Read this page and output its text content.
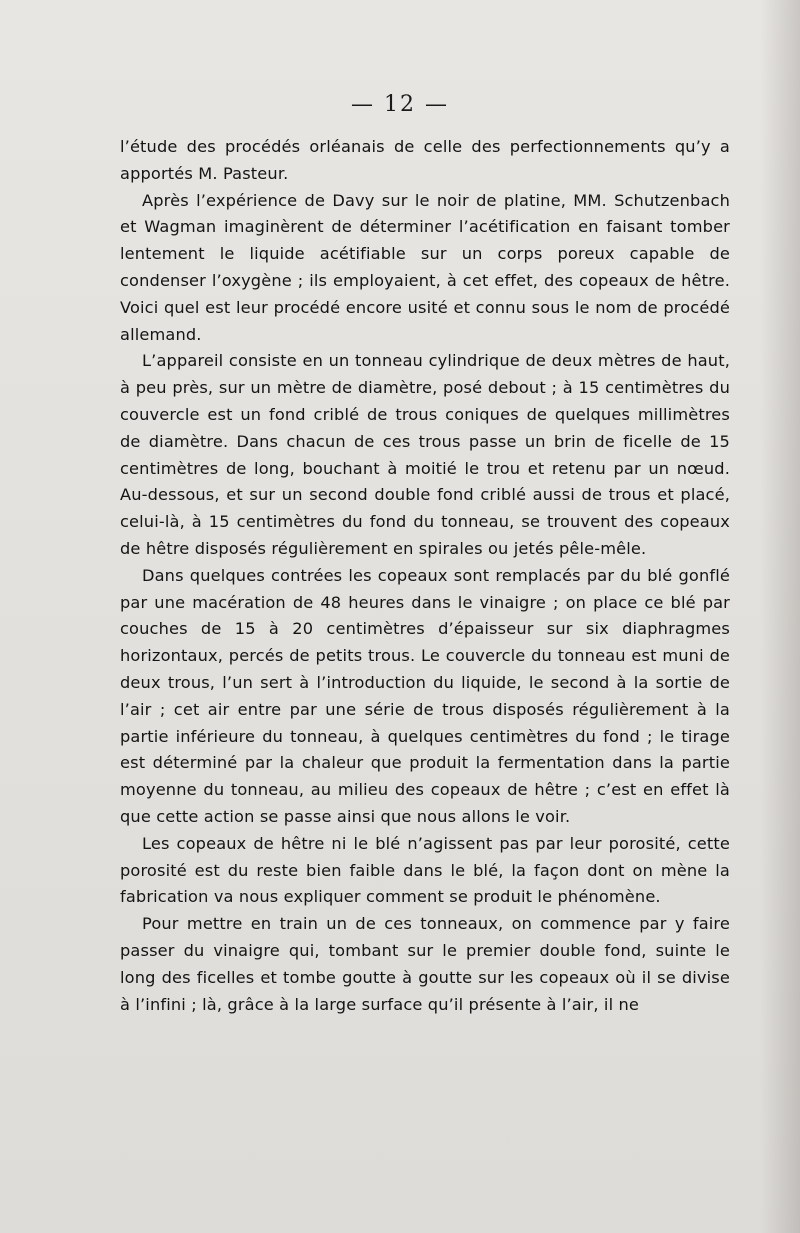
— 12 —

l’étude des procédés orléanais de celle des perfectionnements qu’y a apportés M. Pasteur.

Après l’expérience de Davy sur le noir de platine, MM. Schutzenbach et Wagman imaginèrent de déterminer l’acétification en faisant tomber lentement le liquide acétifiable sur un corps poreux capable de condenser l’oxygène ; ils employaient, à cet effet, des copeaux de hêtre. Voici quel est leur procédé encore usité et connu sous le nom de procédé allemand.

L’appareil consiste en un tonneau cylindrique de deux mètres de haut, à peu près, sur un mètre de diamètre, posé debout ; à 15 centimètres du couvercle est un fond criblé de trous coniques de quelques millimètres de diamètre. Dans chacun de ces trous passe un brin de ficelle de 15 centimètres de long, bouchant à moitié le trou et retenu par un nœud. Au-dessous, et sur un second double fond criblé aussi de trous et placé, celui-là, à 15 centimètres du fond du tonneau, se trouvent des copeaux de hêtre disposés régulièrement en spirales ou jetés pêle-mêle.

Dans quelques contrées les copeaux sont remplacés par du blé gonflé par une macération de 48 heures dans le vinaigre ; on place ce blé par couches de 15 à 20 centimètres d’épaisseur sur six diaphragmes horizontaux, percés de petits trous. Le couvercle du tonneau est muni de deux trous, l’un sert à l’introduction du liquide, le second à la sortie de l’air ; cet air entre par une série de trous disposés régulièrement à la partie inférieure du tonneau, à quelques centimètres du fond ; le tirage est déterminé par la chaleur que produit la fermentation dans la partie moyenne du tonneau, au milieu des copeaux de hêtre ; c’est en effet là que cette action se passe ainsi que nous allons le voir.

Les copeaux de hêtre ni le blé n’agissent pas par leur porosité, cette porosité est du reste bien faible dans le blé, la façon dont on mène la fabrication va nous expliquer comment se produit le phénomène.

Pour mettre en train un de ces tonneaux, on commence par y faire passer du vinaigre qui, tombant sur le premier double fond, suinte le long des ficelles et tombe goutte à goutte sur les copeaux où il se divise à l’infini ; là, grâce à la large surface qu’il présente à l’air, il ne
